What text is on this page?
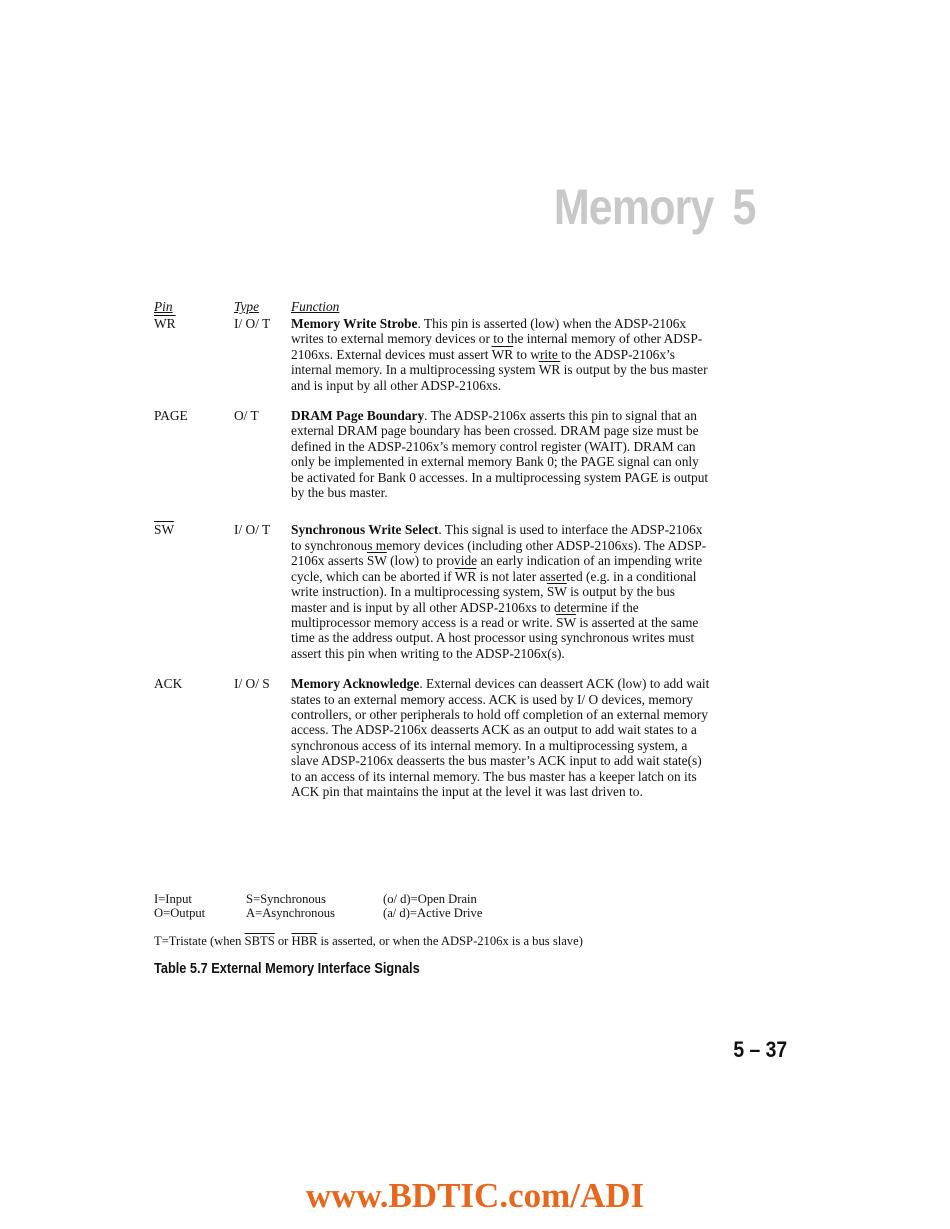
Memory 5
Pin	Type	Function
$\overline{WR}$	I/ O/ T	Memory Write Strobe. This pin is asserted (low) when the ADSP-2106x writes to external memory devices or to the internal memory of other ADSP-2106xs. External devices must assert $\overline{WR}$ to write to the ADSP-2106x’s internal memory. In a multiprocessing system $\overline{WR}$ is output by the bus master and is input by all other ADSP-2106xs.
PAGE	O/ T	DRAM Page Boundary. The ADSP-2106x asserts this pin to signal that an external DRAM page boundary has been crossed. DRAM page size must be defined in the ADSP-2106x’s memory control register (WAIT). DRAM can only be implemented in external memory Bank 0; the PAGE signal can only be activated for Bank 0 accesses. In a multiprocessing system PAGE is output by the bus master.
$\overline{SW}$	I/ O/ T	Synchronous Write Select. This signal is used to interface the ADSP-2106x to synchronous memory devices (including other ADSP-2106xs). The ADSP-2106x asserts $\overline{SW}$ (low) to provide an early indication of an impending write cycle, which can be aborted if $\overline{WR}$ is not later asserted (e.g. in a conditional write instruction). In a multiprocessing system, $\overline{SW}$ is output by the bus master and is input by all other ADSP-2106xs to determine if the multiprocessor memory access is a read or write. $\overline{SW}$ is asserted at the same time as the address output. A host processor using synchronous writes must assert this pin when writing to the ADSP-2106x(s).
ACK	I/ O/ S	Memory Acknowledge. External devices can deassert ACK (low) to add wait states to an external memory access. ACK is used by I/ O devices, memory controllers, or other peripherals to hold off completion of an external memory access. The ADSP-2106x deasserts ACK as an output to add wait states to a synchronous access of its internal memory. In a multiprocessing system, a slave ADSP-2106x deasserts the bus master’s ACK input to add wait state(s) to an access of its internal memory. The bus master has a keeper latch on its ACK pin that maintains the input at the level it was last driven to.
I=Input	S=Synchronous	(o/ d)=Open Drain
O=Output	A=Asynchronous	(a/ d)=Active Drive
T=Tristate (when SBTS or $\overline{HBR}$ is asserted, or when the ADSP-2106x is a bus slave)
Table 5.7 External Memory Interface Signals
5 – 37
www.BDTIC.com/ADI
